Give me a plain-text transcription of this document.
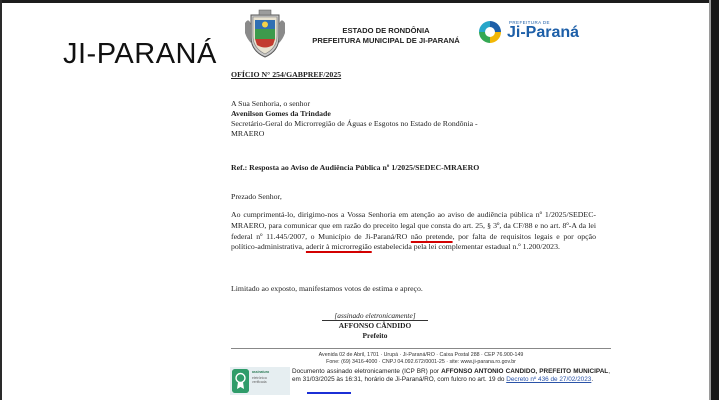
JI-PARANÁ
ESTADO DE RONDÔNIA
PREFEITURA MUNICIPAL DE JI-PARANÁ
PREFEITURA DE
Ji-Paraná
OFÍCIO N° 254/GABPREF/2025

A Sua Senhoria, o senhor

Avenilson Gomes da Trindade

Secretário-Geral do Microrregião de Águas e Esgotos no Estado de Rondônia -

MRAERO

Ref.: Resposta ao Aviso de Audiência Pública nº 1/2025/SEDEC-MRAERO
Prezado Senhor,
Ao cumprimentá-lo, dirigimo-nos a Vossa Senhoria em atenção ao aviso de audiência pública nº 1/2025/SEDEC-MRAERO, para comunicar que em razão do preceito legal que consta do art. 25, § 3º, da CF/88 e no art. 8º-A da lei federal nº 11.445/2007, o Município de Ji-Paraná/RO não pretende, por falta de requisitos legais e por opção político-administrativa, aderir à microrregião estabelecida pela lei complementar estadual n.º 1.200/2023.
Limitado ao exposto, manifestamos votos de estima e apreço.
[assinado eletronicamente]
AFFONSO CÂNDIDO
Prefeito
Avenida 02 de Abril, 1701 · Urupá · Ji-Paraná/RO · Caixa Postal 288 · CEP 76.900-149
Fone: (69) 3416-4000 · CNPJ 04.092.672/0001-25 · site: www.ji-parana.ro.gov.br
assinatura
eletrônica
verificada
Documento assinado eletronicamente (ICP BR) por AFFONSO ANTONIO CANDIDO, PREFEITO MUNICIPAL, em 31/03/2025 às 16:31, horário de Ji-Paraná/RO, com fulcro no art. 19 do Decreto nº 436 de 27/02/2023.
